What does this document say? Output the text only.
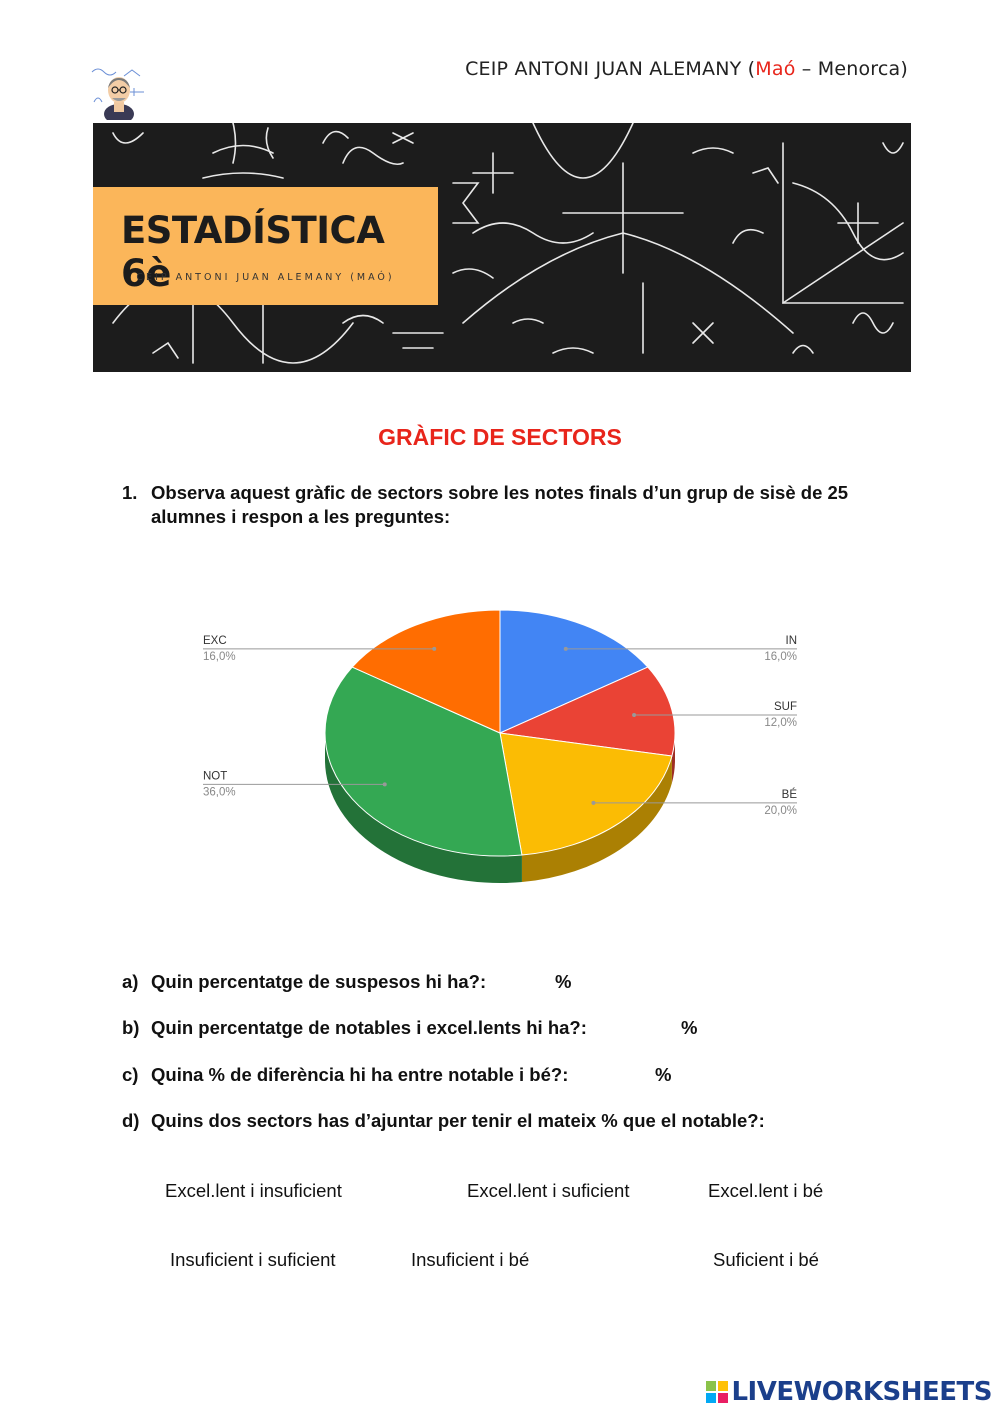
CEIP ANTONI JUAN ALEMANY (Maó – Menorca)
ESTADÍSTICA 6è
CEIP ANTONI JUAN ALEMANY (MAÓ)
GRÀFIC DE SECTORS
1. Observa aquest gràfic de sectors sobre les notes finals d’un grup de sisè de 25 alumnes i respon a les preguntes:
IN
16,0%
SUF
12,0%
BÉ
20,0%
NOT
36,0%
EXC
16,0%
a) Quin percentatge de suspesos hi ha?:	%
b) Quin percentatge de notables i excel.lents hi ha?:	%
c) Quina % de diferència hi ha entre notable i bé?:	%
d) Quins dos sectors has d’ajuntar per tenir el mateix % que el notable?:
Excel.lent i insuficient	Excel.lent i suficient	Excel.lent i bé
Insuficient i suficient	Insuficient i bé	Suficient i bé
LIVEWORKSHEETS
